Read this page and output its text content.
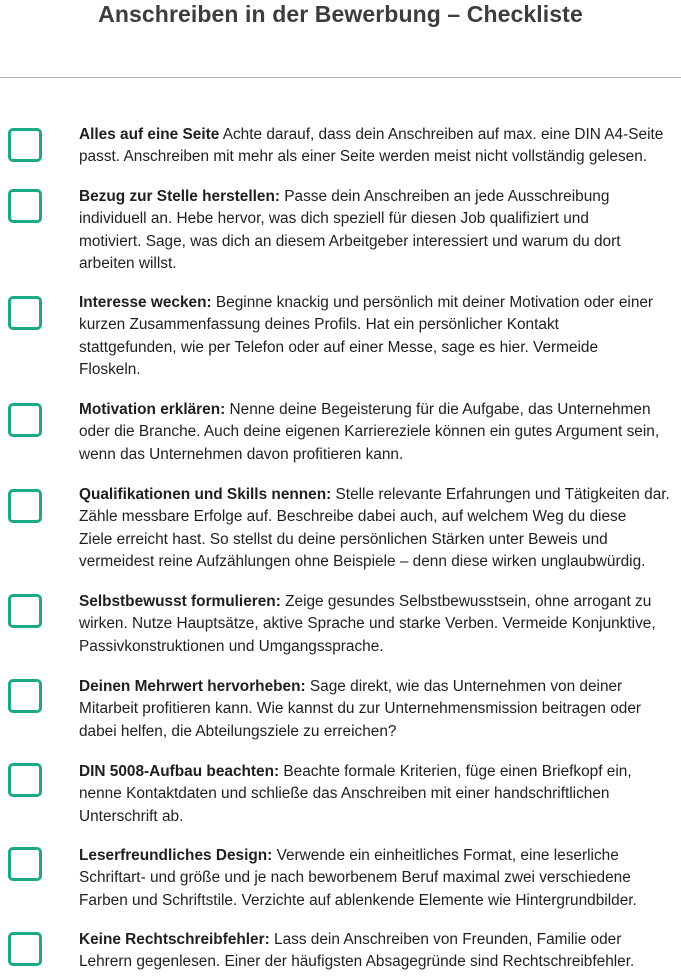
Anschreiben in der Bewerbung – Checkliste
Alles auf eine Seite Achte darauf, dass dein Anschreiben auf max. eine DIN A4-Seite
passt. Anschreiben mit mehr als einer Seite werden meist nicht vollständig gelesen.
Bezug zur Stelle herstellen: Passe dein Anschreiben an jede Ausschreibung
individuell an. Hebe hervor, was dich speziell für diesen Job qualifiziert und
motiviert. Sage, was dich an diesem Arbeitgeber interessiert und warum du dort
arbeiten willst.
Interesse wecken: Beginne knackig und persönlich mit deiner Motivation oder einer
kurzen Zusammenfassung deines Profils. Hat ein persönlicher Kontakt
stattgefunden, wie per Telefon oder auf einer Messe, sage es hier. Vermeide
Floskeln.
Motivation erklären: Nenne deine Begeisterung für die Aufgabe, das Unternehmen
oder die Branche. Auch deine eigenen Karriereziele können ein gutes Argument sein,
wenn das Unternehmen davon profitieren kann.
Qualifikationen und Skills nennen: Stelle relevante Erfahrungen und Tätigkeiten dar.
Zähle messbare Erfolge auf. Beschreibe dabei auch, auf welchem Weg du diese
Ziele erreicht hast. So stellst du deine persönlichen Stärken unter Beweis und
vermeidest reine Aufzählungen ohne Beispiele – denn diese wirken unglaubwürdig.
Selbstbewusst formulieren: Zeige gesundes Selbstbewusstsein, ohne arrogant zu
wirken. Nutze Hauptsätze, aktive Sprache und starke Verben. Vermeide Konjunktive,
Passivkonstruktionen und Umgangssprache.
Deinen Mehrwert hervorheben: Sage direkt, wie das Unternehmen von deiner
Mitarbeit profitieren kann. Wie kannst du zur Unternehmensmission beitragen oder
dabei helfen, die Abteilungsziele zu erreichen?
DIN 5008-Aufbau beachten: Beachte formale Kriterien, füge einen Briefkopf ein,
nenne Kontaktdaten und schließe das Anschreiben mit einer handschriftlichen
Unterschrift ab.
Leserfreundliches Design: Verwende ein einheitliches Format, eine leserliche
Schriftart- und größe und je nach beworbenem Beruf maximal zwei verschiedene
Farben und Schriftstile. Verzichte auf ablenkende Elemente wie Hintergrundbilder.
Keine Rechtschreibfehler: Lass dein Anschreiben von Freunden, Familie oder
Lehrern gegenlesen. Einer der häufigsten Absagegründe sind Rechtschreibfehler.
